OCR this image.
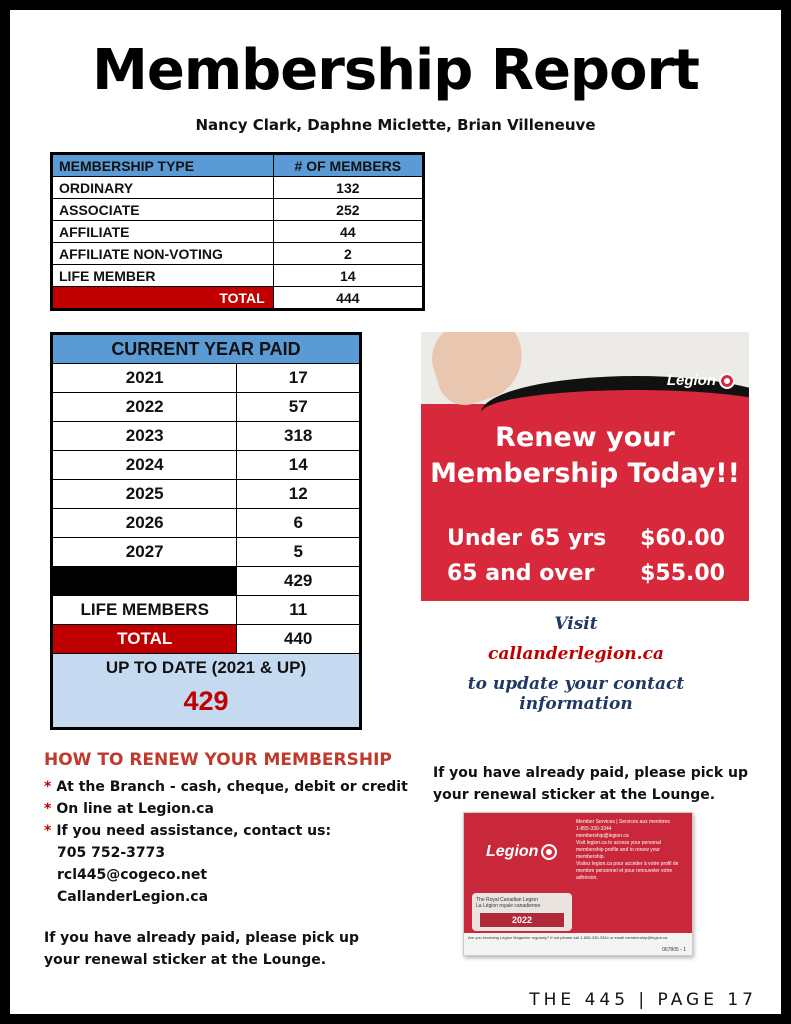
Membership Report
Nancy Clark, Daphne Miclette, Brian Villeneuve
MEMBERSHIP TYPE	# OF MEMBERS
ORDINARY	132
ASSOCIATE	252
AFFILIATE	44
AFFILIATE NON-VOTING	2
LIFE MEMBER	14
TOTAL	444
CURRENT YEAR PAID	
2021	17
2022	57
2023	318
2024	14
2025	12
2026	6
2027	5
	429
LIFE MEMBERS	11
TOTAL	440

UP TO DATE (2021 & UP)
429	
Legion
Renew your
Membership Today!!
Under 65 yrs $60.00
65 and over $55.00
Visit
callanderlegion.ca
to update your contact information
HOW TO RENEW YOUR MEMBERSHIP
* At the Branch - cash, cheque, debit or credit
* On line at Legion.ca
* If you need assistance, contact us:
705 752-3773
rcl445@cogeco.net
CallanderLegion.ca
If you have already paid, please pick up your renewal sticker at the Lounge.
If you have already paid, please pick up your renewal sticker at the Lounge.
Legion
Member Services | Services aux membres
1-855-330-3344
membership@legion.ca
Visit legion.ca to access your personal membership profile and to renew your membership.
Visitez legion.ca pour accéder à votre profil de membre personnel et pour renouveler votre adhésion.
The Royal Canadian Legion
La Légion royale canadienne
2022
Are you receiving Legion Magazine regularly? If not please call 1-855-330-3344 or email membership@legion.ca
067805 - 1
THE 445 | PAGE 17
